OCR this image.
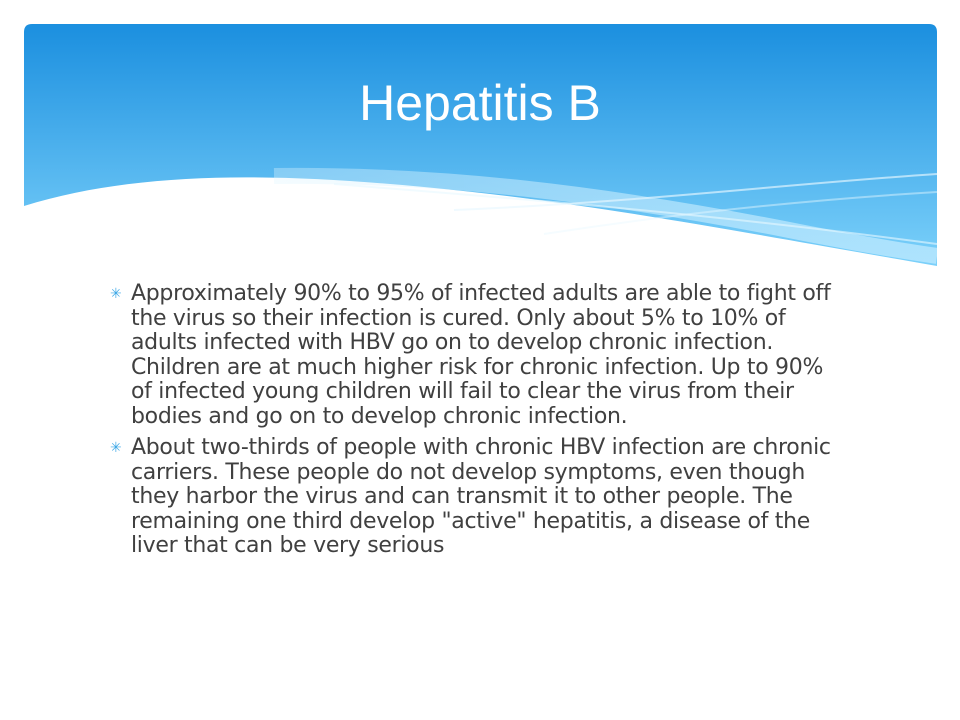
Hepatitis B
✳ Approximately 90% to 95% of infected adults are able to fight off the virus so their infection is cured. Only about 5% to 10% of adults infected with HBV go on to develop chronic infection. Children are at much higher risk for chronic infection. Up to 90% of infected young children will fail to clear the virus from their bodies and go on to develop chronic infection.
✳ About two-thirds of people with chronic HBV infection are chronic carriers. These people do not develop symptoms, even though they harbor the virus and can transmit it to other people. The remaining one third develop "active" hepatitis, a disease of the liver that can be very serious
